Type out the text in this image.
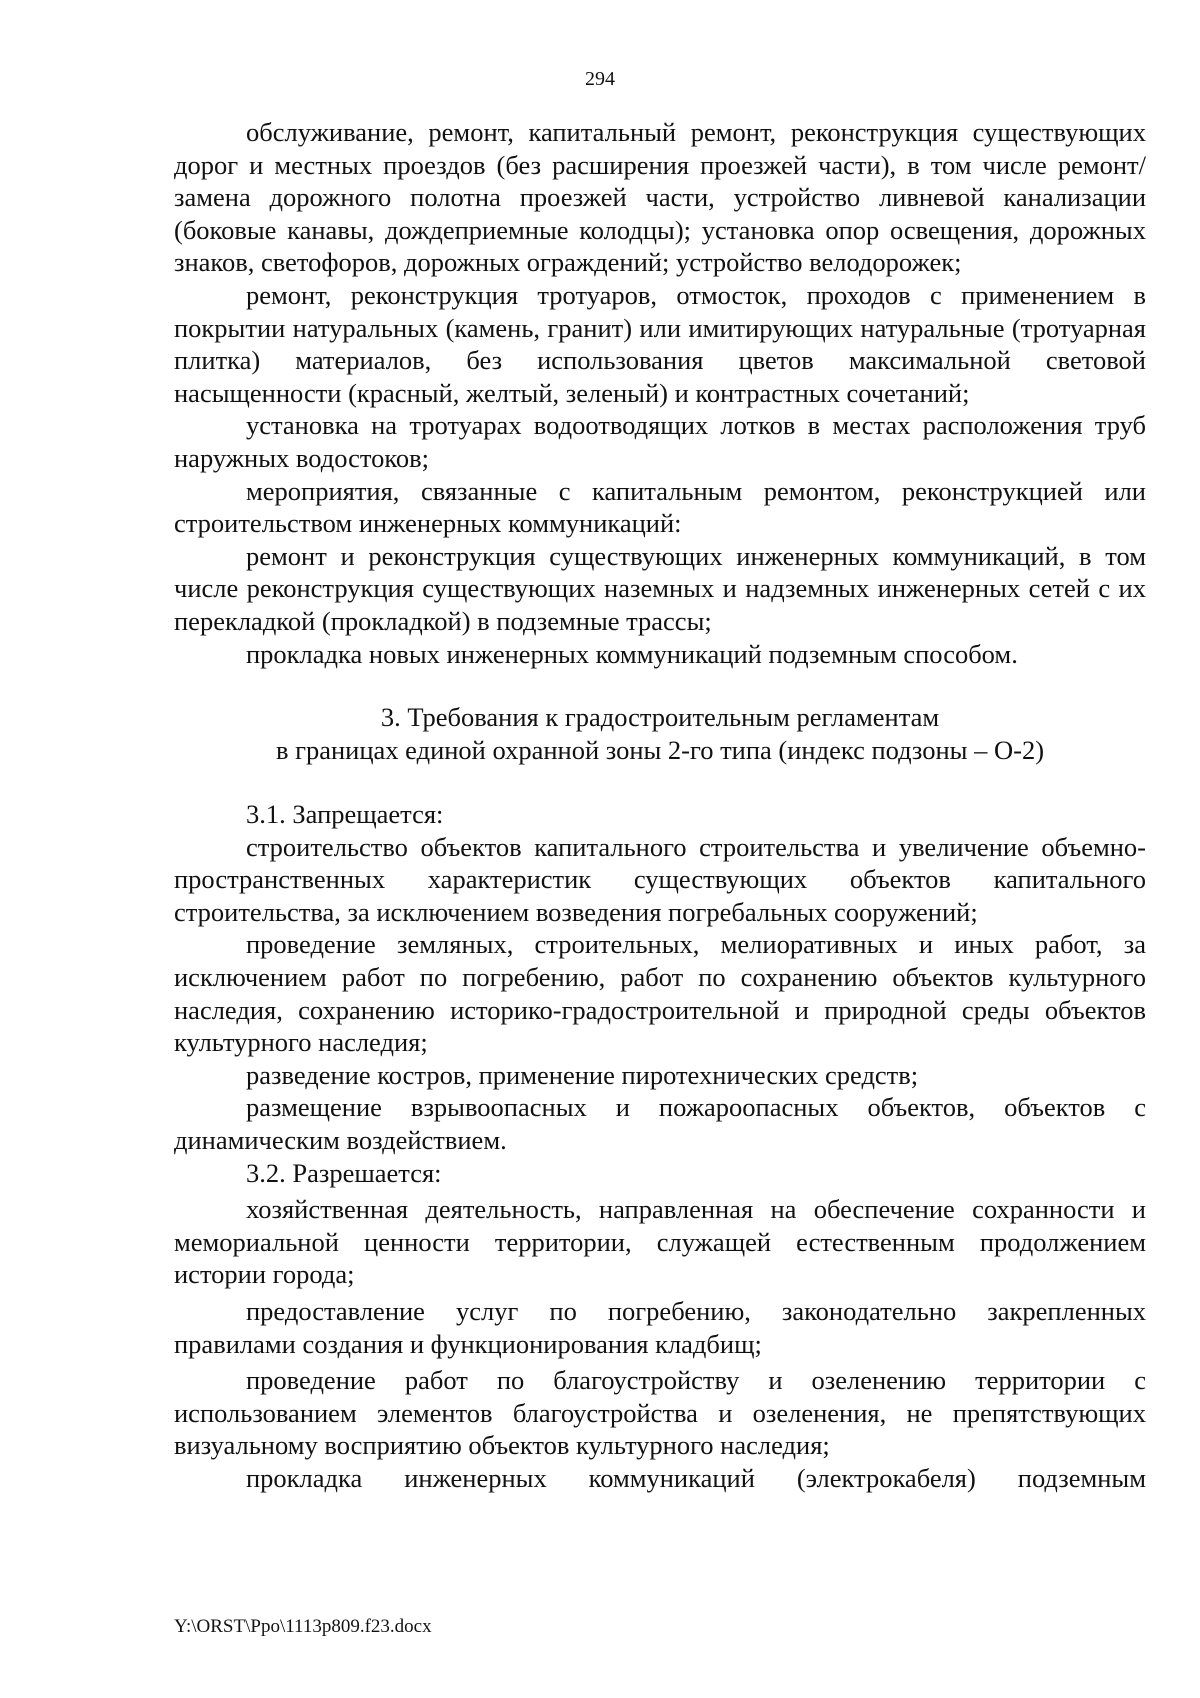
294

обслуживание, ремонт, капитальный ремонт, реконструкция существующих дорог и местных проездов (без расширения проезжей части), в том числе ремонт/замена дорожного полотна проезжей части, устройство ливневой канализации (боковые канавы, дождеприемные колодцы); установка опор освещения, дорожных знаков, светофоров, дорожных ограждений; устройство велодорожек;

ремонт, реконструкция тротуаров, отмосток, проходов с применением в покрытии натуральных (камень, гранит) или имитирующих натуральные (тротуарная плитка) материалов, без использования цветов максимальной световой насыщенности (красный, желтый, зеленый) и контрастных сочетаний;

установка на тротуарах водоотводящих лотков в местах расположения труб наружных водостоков;

мероприятия, связанные с капитальным ремонтом, реконструкцией или строительством инженерных коммуникаций:

ремонт и реконструкция существующих инженерных коммуникаций, в том числе реконструкция существующих наземных и надземных инженерных сетей с их перекладкой (прокладкой) в подземные трассы;

прокладка новых инженерных коммуникаций подземным способом.

3. Требования к градостроительным регламентам
в границах единой охранной зоны 2-го типа (индекс подзоны – О-2)

3.1. Запрещается:

строительство объектов капитального строительства и увеличение объемно-пространственных характеристик существующих объектов капитального строительства, за исключением возведения погребальных сооружений;

проведение земляных, строительных, мелиоративных и иных работ, за исключением работ по погребению, работ по сохранению объектов культурного наследия, сохранению историко-градостроительной и природной среды объектов культурного наследия;

разведение костров, применение пиротехнических средств;

размещение взрывоопасных и пожароопасных объектов, объектов с динамическим воздействием.

3.2. Разрешается:

хозяйственная деятельность, направленная на обеспечение сохранности и мемориальной ценности территории, служащей естественным продолжением истории города;

предоставление услуг по погребению, законодательно закрепленных правилами создания и функционирования кладбищ;

проведение работ по благоустройству и озеленению территории с использованием элементов благоустройства и озеленения, не препятствующих визуальному восприятию объектов культурного наследия;

прокладка инженерных коммуникаций (электрокабеля) подземным

Y:\ORST\Ppo\1113p809.f23.docx
